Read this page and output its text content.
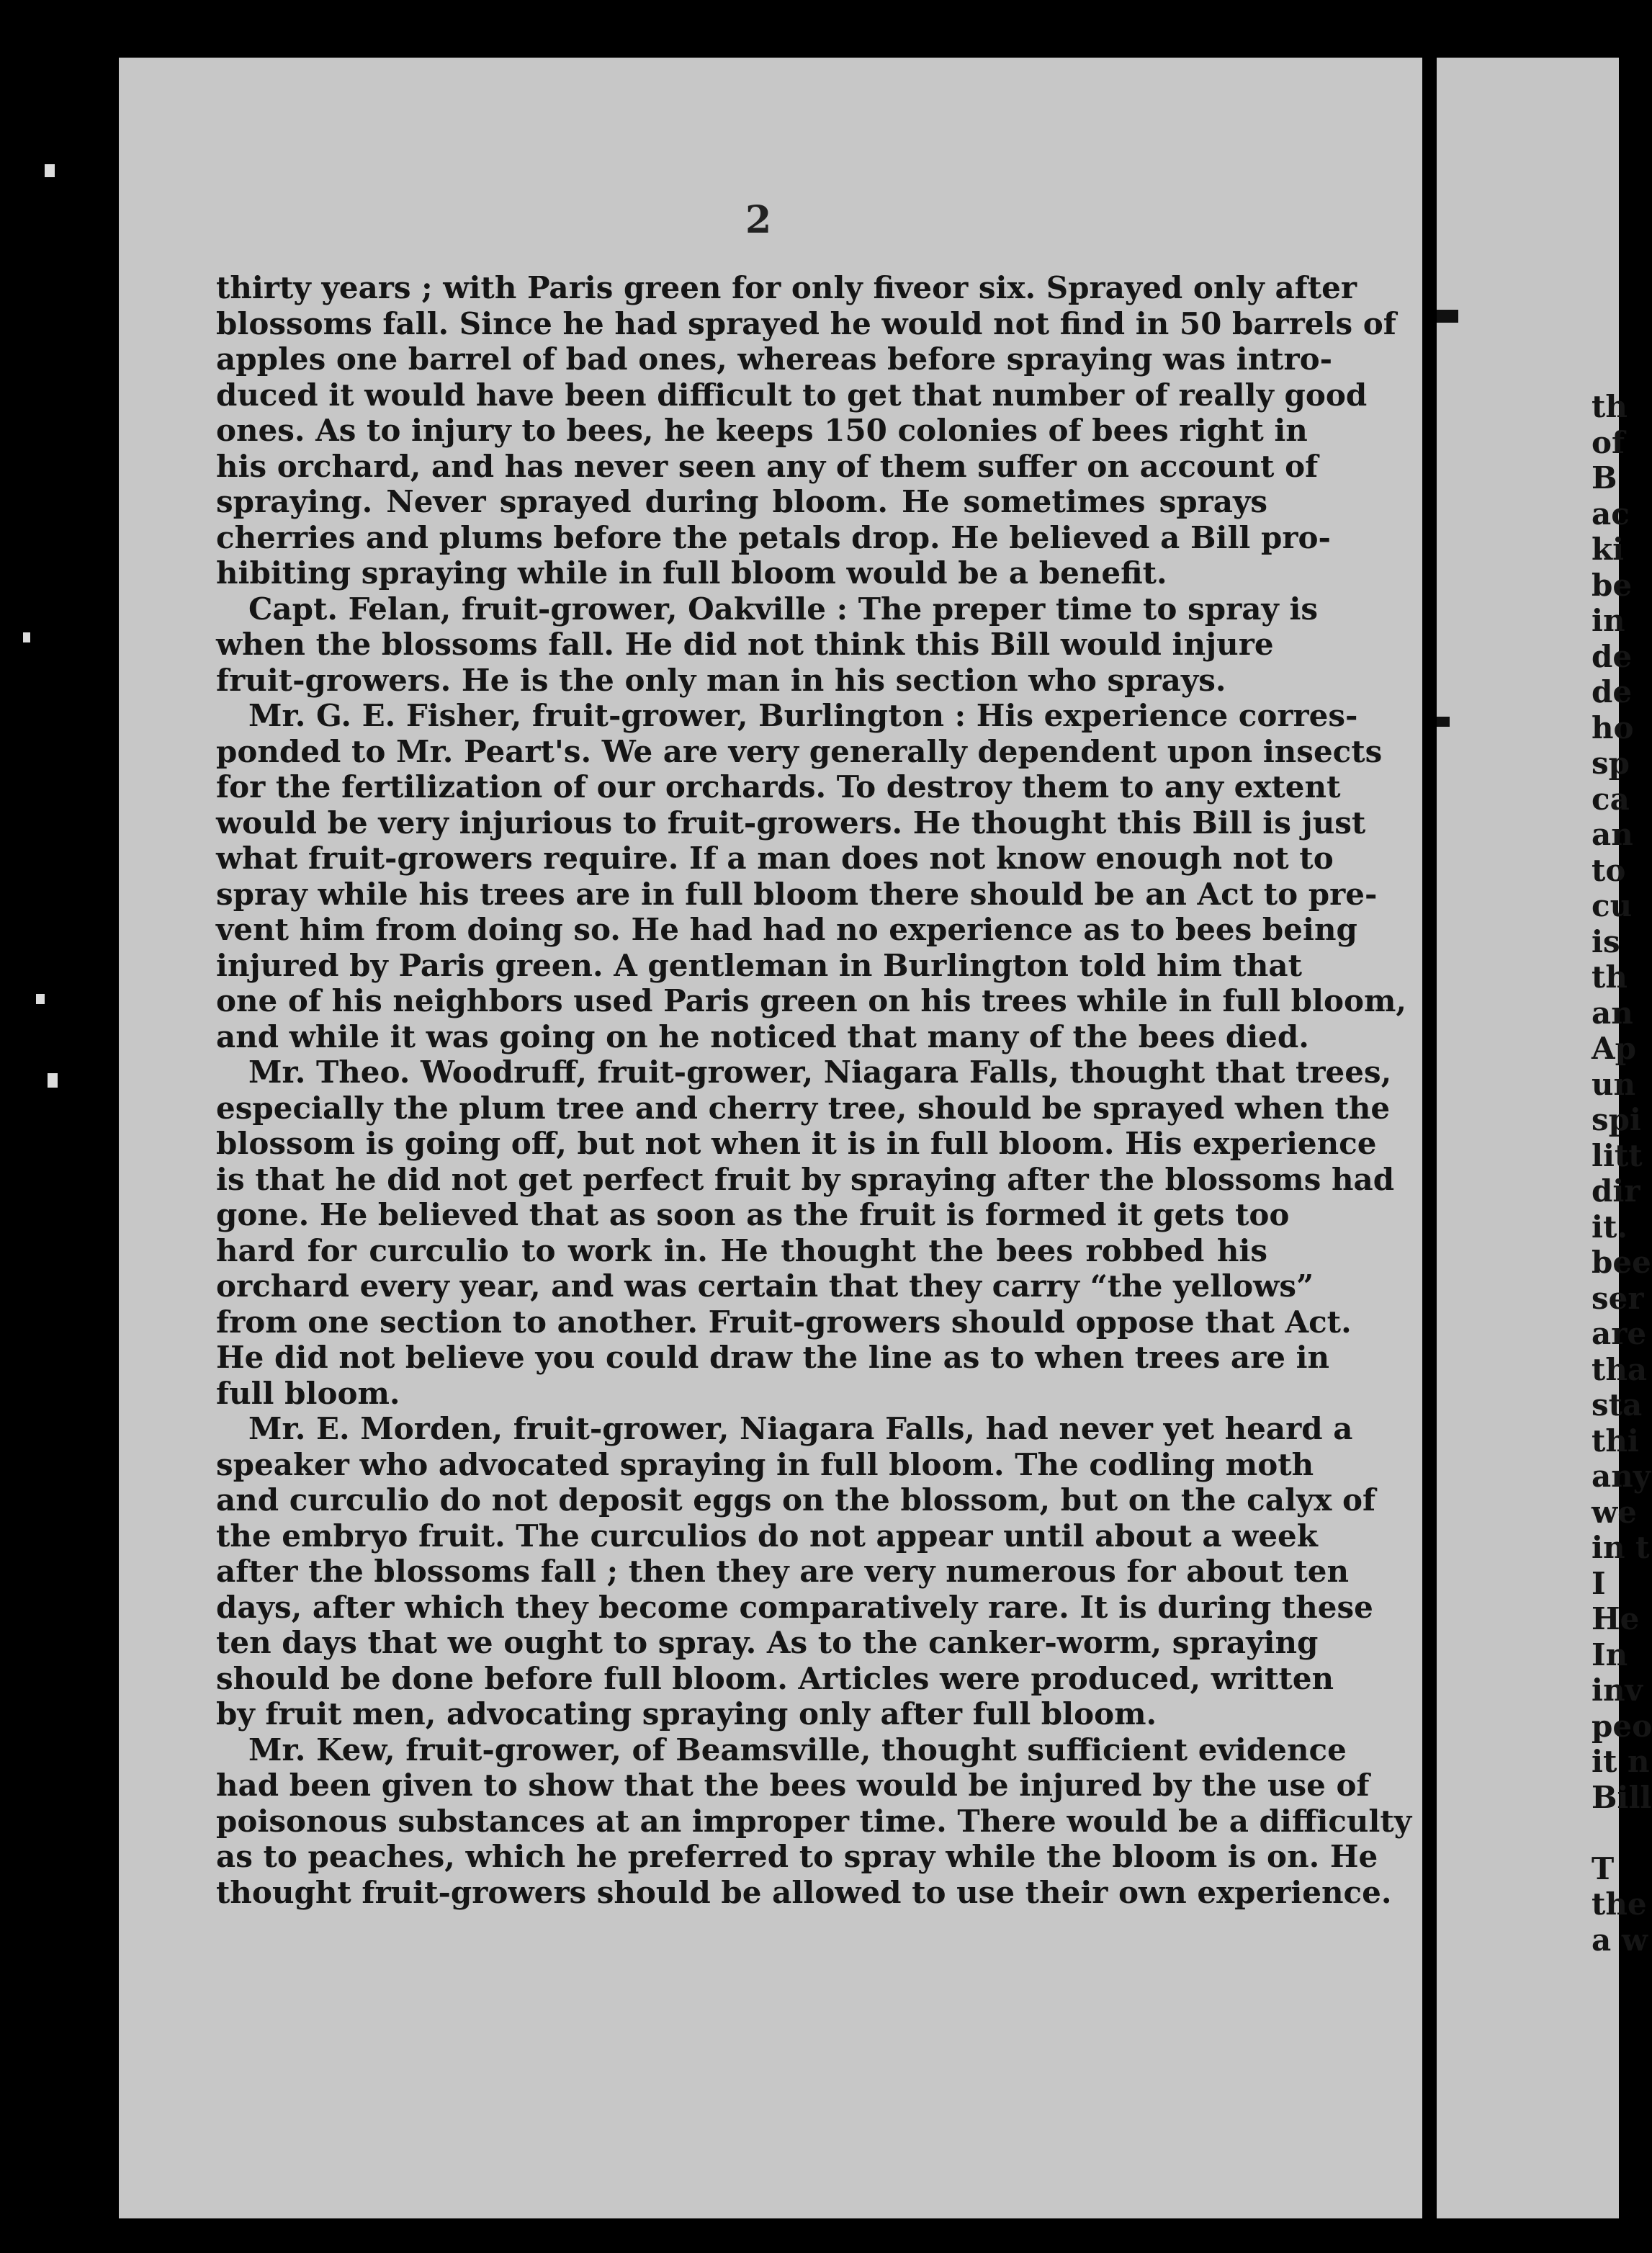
2

thirty years ; with Paris green for only fiveor six. Sprayed only after
blossoms fall. Since he had sprayed he would not find in 50 barrels of
apples one barrel of bad ones, whereas before spraying was intro-
duced it would have been difficult to get that number of really good
ones. As to injury to bees, he keeps 150 colonies of bees right in
his orchard, and has never seen any of them suffer on account of
spraying. Never sprayed during bloom. He sometimes sprays
cherries and plums before the petals drop. He believed a Bill pro-
hibiting spraying while in full bloom would be a benefit.

Capt. Felan, fruit-grower, Oakville : The preper time to spray is
when the blossoms fall. He did not think this Bill would injure
fruit-growers. He is the only man in his section who sprays.

Mr. G. E. Fisher, fruit-grower, Burlington : His experience corres-
ponded to Mr. Peart's. We are very generally dependent upon insects
for the fertilization of our orchards. To destroy them to any extent
would be very injurious to fruit-growers. He thought this Bill is just
what fruit-growers require. If a man does not know enough not to
spray while his trees are in full bloom there should be an Act to pre-
vent him from doing so. He had had no experience as to bees being
injured by Paris green. A gentleman in Burlington told him that
one of his neighbors used Paris green on his trees while in full bloom,
and while it was going on he noticed that many of the bees died.

Mr. Theo. Woodruff, fruit-grower, Niagara Falls, thought that trees,
especially the plum tree and cherry tree, should be sprayed when the
blossom is going off, but not when it is in full bloom. His experience
is that he did not get perfect fruit by spraying after the blossoms had
gone. He believed that as soon as the fruit is formed it gets too
hard for curculio to work in. He thought the bees robbed his
orchard every year, and was certain that they carry “the yellows”
from one section to another. Fruit-growers should oppose that Act.
He did not believe you could draw the line as to when trees are in
full bloom.

Mr. E. Morden, fruit-grower, Niagara Falls, had never yet heard a
speaker who advocated spraying in full bloom. The codling moth
and curculio do not deposit eggs on the blossom, but on the calyx of
the embryo fruit. The curculios do not appear until about a week
after the blossoms fall ; then they are very numerous for about ten
days, after which they become comparatively rare. It is during these
ten days that we ought to spray. As to the canker-worm, spraying
should be done before full bloom. Articles were produced, written
by fruit men, advocating spraying only after full bloom.

Mr. Kew, fruit-grower, of Beamsville, thought sufficient evidence
had been given to show that the bees would be injured by the use of
poisonous substances at an improper time. There would be a difficulty
as to peaches, which he preferred to spray while the bloom is on. He
thought fruit-growers should be allowed to use their own experience.

th
of
B
ac
ki
be
in
de
de
ho
sp
ca
an
to
cu
is
th
an
Ap
un
spi
litt
dir
it.
bee
ser
are
tha
sta
thi
any
we
in t
I
He
In
inv
peo
it n
Bill

T
the
a w
